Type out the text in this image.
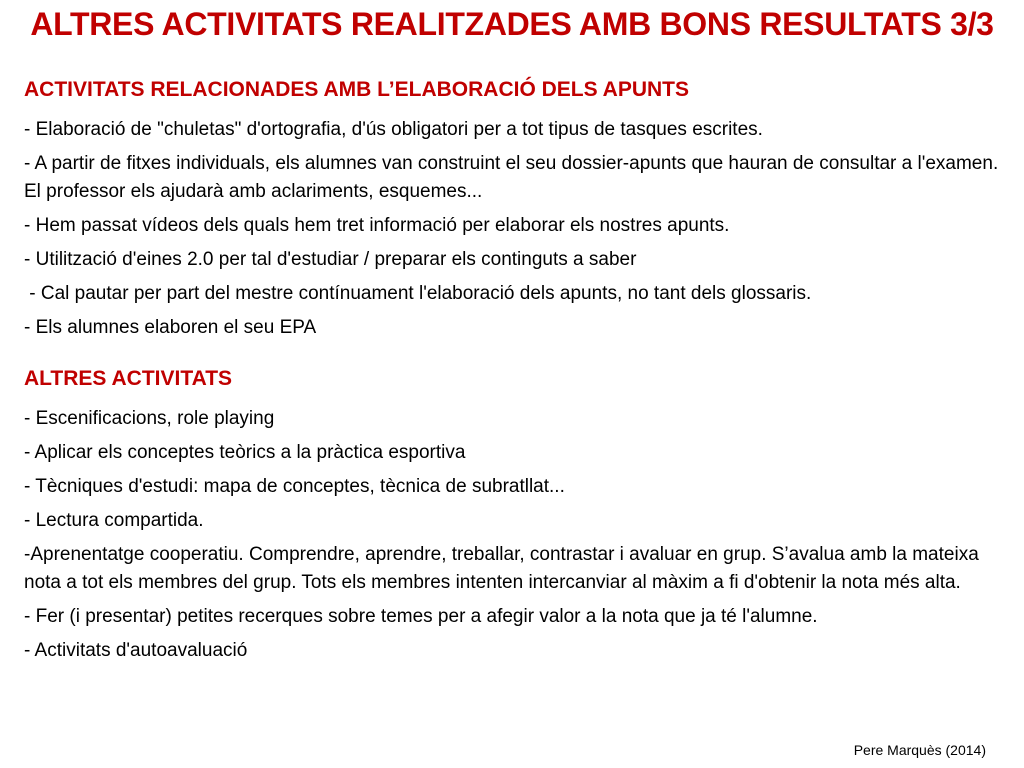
ALTRES ACTIVITATS REALITZADES AMB BONS RESULTATS 3/3
ACTIVITATS RELACIONADES AMB L’ELABORACIÓ DELS APUNTS

- Elaboració de "chuletas" d'ortografia, d'ús obligatori per a tot tipus de tasques escrites.

- A partir de fitxes individuals, els alumnes van construint el seu dossier-apunts que hauran de consultar a l'examen. El professor els ajudarà amb aclariments, esquemes...

- Hem passat vídeos dels quals hem tret informació per elaborar els nostres apunts.

- Utilització d'eines 2.0 per tal d'estudiar / preparar els continguts a saber

- Cal pautar per part del mestre contínuament l'elaboració dels apunts, no tant dels glossaris.

- Els alumnes elaboren el seu EPA

ALTRES ACTIVITATS

- Escenificacions, role playing

- Aplicar els conceptes teòrics a la pràctica esportiva

- Tècniques d'estudi: mapa de conceptes, tècnica de subratllat...

- Lectura compartida.

-Aprenentatge cooperatiu. Comprendre, aprendre, treballar, contrastar i avaluar en grup. S’avalua amb la mateixa nota a tot els membres del grup. Tots els membres intenten intercanviar al màxim a fi d'obtenir la nota més alta.

- Fer (i presentar) petites recerques sobre temes per a afegir valor a la nota que ja té l'alumne.

- Activitats d'autoavaluació

Pere Marquès (2014)
